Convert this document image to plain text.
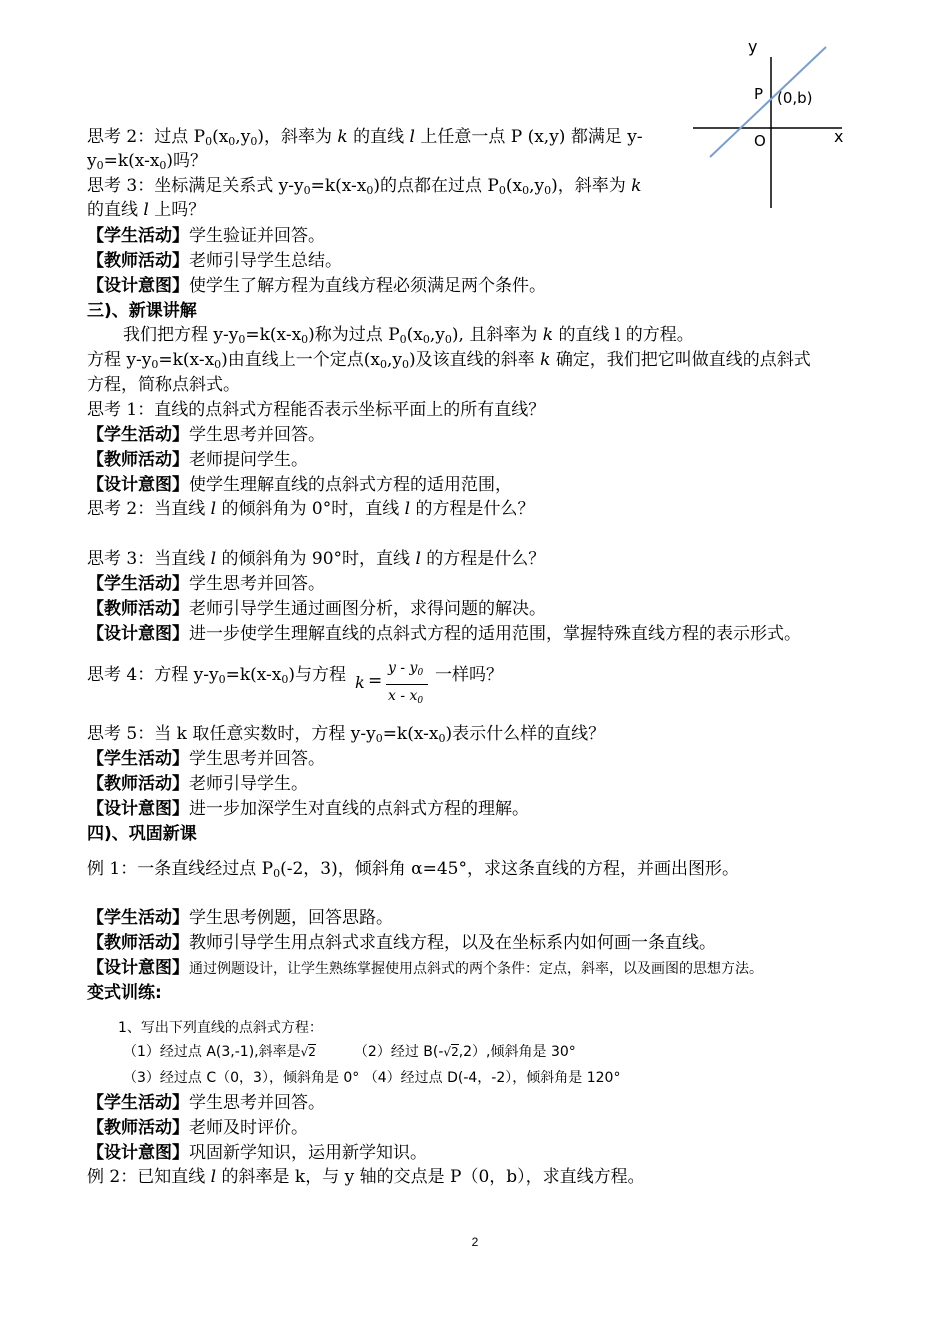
y
x
O
P (0,b)
思考 2：过点 $P_0(x_0,y_0)$，斜率为 k 的直线 l 上任意一点 P (x,y) 都满足 y-
$y_0=k(x-x_0)$吗？
思考 3：坐标满足关系式 $y-y_0=k(x-x_0)$的点都在过点 $P_0(x_0,y_0)$，斜率为 k
的直线 l 上吗？
【学生活动】学生验证并回答。
【教师活动】老师引导学生总结。
【设计意图】使学生了解方程为直线方程必须满足两个条件。
三)、新课讲解
我们把方程 $y-y_0=k(x-x_0)$称为过点 $P_0(x_0,y_0)$, 且斜率为 k 的直线 l 的方程。
方程 $y-y_0=k(x-x_0)$由直线上一个定点$(x_0,y_0)$及该直线的斜率 k 确定，我们把它叫做直线的点斜式
方程，简称点斜式。
思考 1：直线的点斜式方程能否表示坐标平面上的所有直线？
【学生活动】学生思考并回答。
【教师活动】老师提问学生。
【设计意图】使学生理解直线的点斜式方程的适用范围，
思考 2：当直线 l 的倾斜角为 0°时，直线 l 的方程是什么？
思考 3：当直线 l 的倾斜角为 90°时，直线 l 的方程是什么？
【学生活动】学生思考并回答。
【教师活动】老师引导学生通过画图分析，求得问题的解决。
【设计意图】进一步使学生理解直线的点斜式方程的适用范围，掌握特殊直线方程的表示形式。
思考 4：方程 $y-y_0=k(x-x_0)$与方程 k =
y - $y_0$
x - $x_0$
一样吗？
思考 5：当 k 取任意实数时，方程 $y-y_0=k(x-x_0)$表示什么样的直线？
【学生活动】学生思考并回答。
【教师活动】老师引导学生。
【设计意图】进一步加深学生对直线的点斜式方程的理解。
四)、巩固新课
例 1：一条直线经过点 $P_0(-2$，3)，倾斜角 α=45°，求这条直线的方程，并画出图形。
【学生活动】学生思考例题，回答思路。
【教师活动】教师引导学生用点斜式求直线方程，以及在坐标系内如何画一条直线。
【设计意图】通过例题设计，让学生熟练掌握使用点斜式的两个条件：定点，斜率，以及画图的思想方法。
变式训练:
1、写出下列直线的点斜式方程：
（1）经过点 A(3,-1),斜率是√2	（2）经过 B(-√2,2）,倾斜角是 30°
（3）经过点 C（0，3），倾斜角是 0° （4）经过点 D(-4，-2），倾斜角是 120°
【学生活动】学生思考并回答。
【教师活动】老师及时评价。
【设计意图】巩固新学知识，运用新学知识。
例 2：已知直线 l 的斜率是 k，与 y 轴的交点是 P（0，b），求直线方程。
2
